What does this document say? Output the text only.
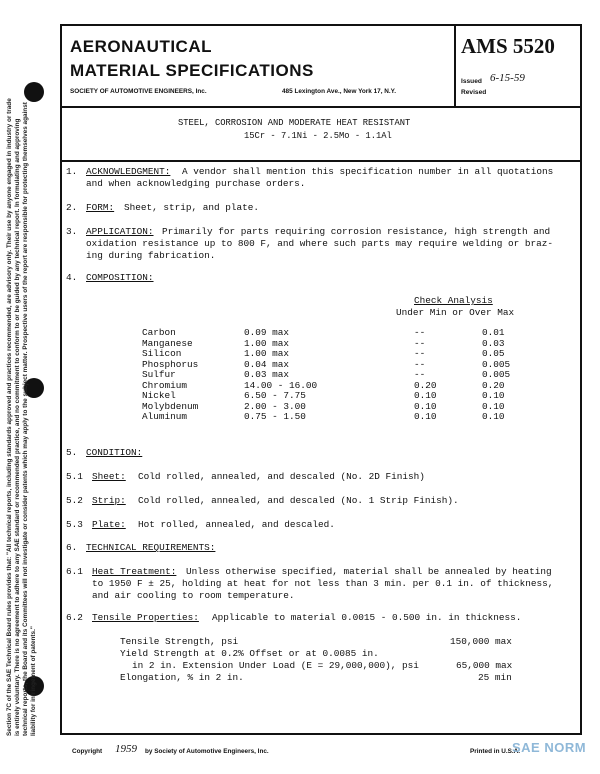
Section 7C of the SAE Technical Board rules provides that: "All technical reports, including standards approved and practices recommended, are advisory only. Their use by anyone engaged in industry or trade is entirely voluntary. There is no agreement to adhere to any SAE standard or recommended practice, and no commitment to conform to or be guided by any technical report. In formulating and approving technical reports, the Board and its Committees will not investigate or consider patents which may apply to the subject matter. Prospective users of the report are responsible for protecting themselves against liability for infringement of patents."
AERONAUTICAL
MATERIAL SPECIFICATIONS
SOCIETY OF AUTOMOTIVE ENGINEERS, Inc.	485 Lexington Ave., New York 17, N.Y.
AMS 5520
Issued 6-15-59
Revised
STEEL, CORROSION AND MODERATE HEAT RESISTANT
15Cr - 7.1Ni - 2.5Mo - 1.1Al
1. ACKNOWLEDGMENT: A vendor shall mention this specification number in all quotations
and when acknowledging purchase orders.
2. FORM: Sheet, strip, and plate.
3. APPLICATION: Primarily for parts requiring corrosion resistance, high strength and
oxidation resistance up to 800 F, and where such parts may require welding or braz-
ing during fabrication.
4. COMPOSITION:
Check Analysis
Under Min or Over Max
Carbon	0.09 max	--	0.01
Manganese	1.00 max	--	0.03
Silicon	1.00 max	--	0.05
Phosphorus	0.04 max	--	0.005
Sulfur	0.03 max	--	0.005
Chromium	14.00 - 16.00	0.20	0.20
Nickel	6.50 - 7.75	0.10	0.10
Molybdenum	2.00 - 3.00	0.10	0.10
Aluminum	0.75 - 1.50	0.10	0.10
5. CONDITION:
5.1 Sheet: Cold rolled, annealed, and descaled (No. 2D Finish)
5.2 Strip: Cold rolled, annealed, and descaled (No. 1 Strip Finish).
5.3 Plate: Hot rolled, annealed, and descaled.
6. TECHNICAL REQUIREMENTS:
6.1 Heat Treatment: Unless otherwise specified, material shall be annealed by heating
to 1950 F ± 25, holding at heat for not less than 3 min. per 0.1 in. of thickness,
and air cooling to room temperature.
6.2 Tensile Properties: Applicable to material 0.0015 - 0.500 in. in thickness.
Tensile Strength, psi	150,000 max
Yield Strength at 0.2% Offset or at 0.0085 in.
in 2 in. Extension Under Load (E = 29,000,000), psi	65,000 max
Elongation, % in 2 in.	25 min
Copyright 1959 by Society of Automotive Engineers, Inc.	Printed in U.S.A.
SAE NORM
